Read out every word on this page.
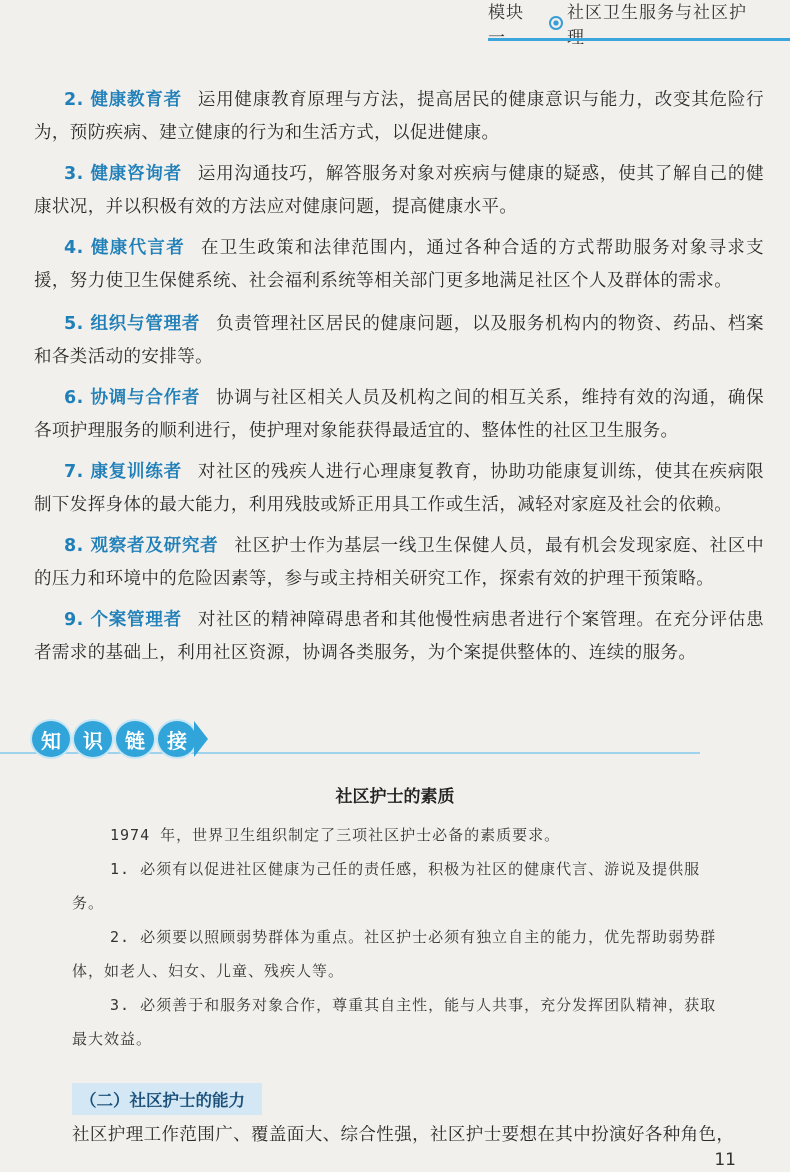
模块	社区卫生服务与社区护

2. 健康教育者 运用健康教育原理与方法，提高居民的健康意识与能力，改变其危险行为，预防疾病、建立健康的行为和生活方式，以促进健康。

3. 健康咨询者 运用沟通技巧，解答服务对象对疾病与健康的疑惑，使其了解自己的健康状况，并以积极有效的方法应对健康问题，提高健康水平。

4. 健康代言者 在卫生政策和法律范围内，通过各种合适的方式帮助服务对象寻求支援，努力使卫生保健系统、社会福利系统等相关部门更多地满足社区个人及群体的需求。

5. 组织与管理者 负责管理社区居民的健康问题，以及服务机构内的物资、药品、档案和各类活动的安排等。

6. 协调与合作者 协调与社区相关人员及机构之间的相互关系，维持有效的沟通，确保各项护理服务的顺利进行，使护理对象能获得最适宜的、整体性的社区卫生服务。

7. 康复训练者 对社区的残疾人进行心理康复教育，协助功能康复训练，使其在疾病限制下发挥身体的最大能力，利用残肢或矫正用具工作或生活，减轻对家庭及社会的依赖。

8. 观察者及研究者 社区护士作为基层一线卫生保健人员，最有机会发现家庭、社区中的压力和环境中的危险因素等，参与或主持相关研究工作，探索有效的护理干预策略。

9. 个案管理者 对社区的精神障碍患者和其他慢性病患者进行个案管理。在充分评估患者需求的基础上，利用社区资源，协调各类服务，为个案提供整体的、连续的服务。

知	识	链	接
社区护士的素质

1974 年，世界卫生组织制定了三项社区护士必备的素质要求。

1. 必须有以促进社区健康为己任的责任感，积极为社区的健康代言、游说及提供服务。

2. 必须要以照顾弱势群体为重点。社区护士必须有独立自主的能力，优先帮助弱势群体，如老人、妇女、儿童、残疾人等。

3. 必须善于和服务对象合作，尊重其自主性，能与人共事，充分发挥团队精神，获取最大效益。

（二）社区护士的能力

社区护理工作范围广、覆盖面大、综合性强，社区护士要想在其中扮演好各种角色，

11
